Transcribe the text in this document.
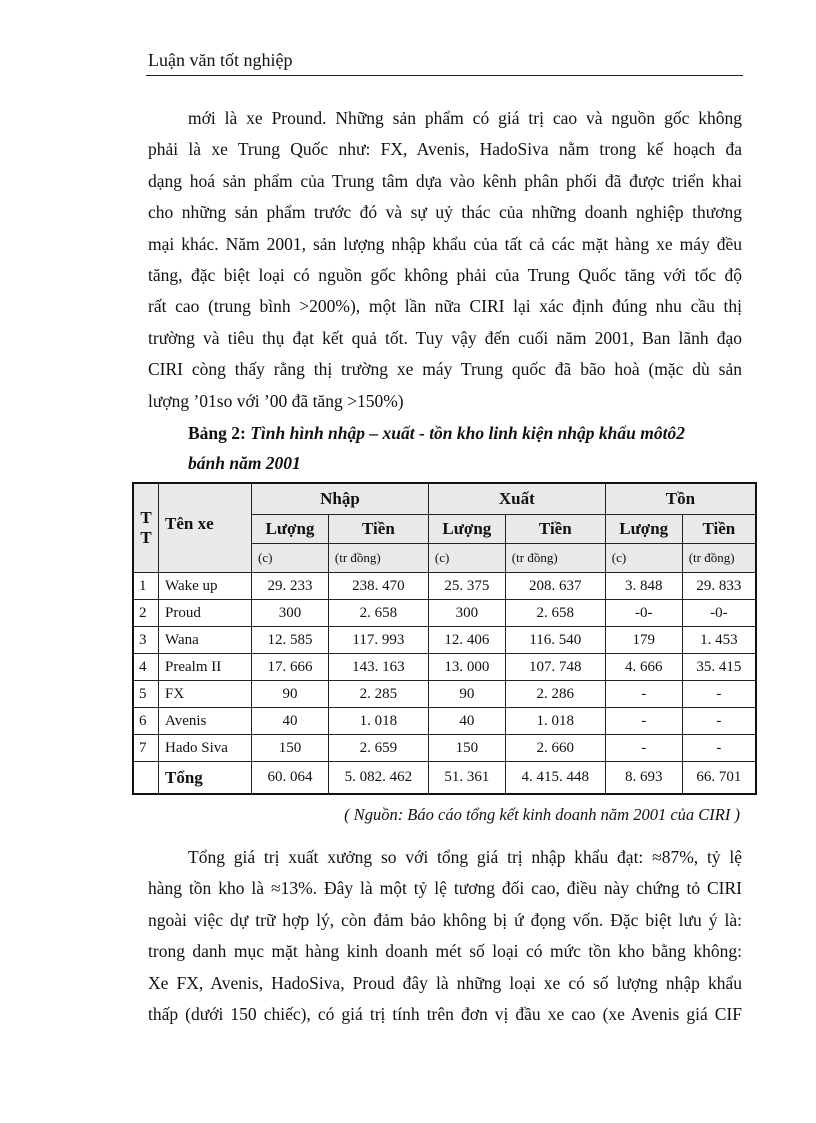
Luận văn tốt nghiệp
mới là xe Pround. Những sản phẩm có giá trị cao và nguồn gốc không
phải là xe Trung Quốc như: FX, Avenis, HadoSiva nằm trong kế hoạch đa
dạng hoá sản phẩm của Trung tâm dựa vào kênh phân phối đã được triển khai
cho những sản phẩm trước đó và sự uỷ thác của những doanh nghiệp thương
mại khác. Năm 2001, sản lượng nhập khẩu của tất cả các mặt hàng xe máy đều
tăng, đặc biệt loại có nguồn gốc không phải của Trung Quốc tăng với tốc độ
rất cao (trung bình >200%), một lần nữa CIRI lại xác định đúng nhu cầu thị
trường và tiêu thụ đạt kết quả tốt. Tuy vậy đến cuối năm 2001, Ban lãnh đạo
CIRI còng thấy rằng thị trường xe máy Trung quốc đã bão hoà (mặc dù sản
lượng ’01so với ’00 đã tăng >150%)
Bảng 2: Tình hình nhập – xuất - tồn kho linh kiện nhập khẩu môtô2
bánh năm 2001
T T	Tên xe	Nhập		Xuất		Tồn	
		Lượng	Tiền	Lượng	Tiền	Lượng	Tiền
		(c)	(tr đồng)	(c)	(tr đồng)	(c)	(tr đồng)
1	Wake up	29. 233	238. 470	25. 375	208. 637	3. 848	29. 833
2	Proud	300	2. 658	300	2. 658	-0-	-0-
3	Wana	12. 585	117. 993	12. 406	116. 540	179	1. 453
4	Prealm II	17. 666	143. 163	13. 000	107. 748	4. 666	35. 415
5	FX	90	2. 285	90	2. 286	-	-
6	Avenis	40	1. 018	40	1. 018	-	-
7	Hado Siva	150	2. 659	150	2. 660	-	-
	Tổng	60. 064	5. 082. 462	51. 361	4. 415. 448	8. 693	66. 701
( Nguồn: Báo cáo tổng kết kinh doanh năm 2001 của CIRI )
Tổng giá trị xuất xưởng so với tổng giá trị nhập khẩu đạt: ≈87%, tỷ lệ
hàng tồn kho là ≈13%. Đây là một tỷ lệ tương đối cao, điều này chứng tỏ CIRI
ngoài việc dự trữ hợp lý, còn đảm bảo không bị ứ đọng vốn. Đặc biệt lưu ý là:
trong danh mục mặt hàng kinh doanh mét số loại có mức tồn kho bằng không:
Xe FX, Avenis, HadoSiva, Proud đây là những loại xe có số lượng nhập khẩu
thấp (dưới 150 chiếc), có giá trị tính trên đơn vị đầu xe cao (xe Avenis giá CIF
